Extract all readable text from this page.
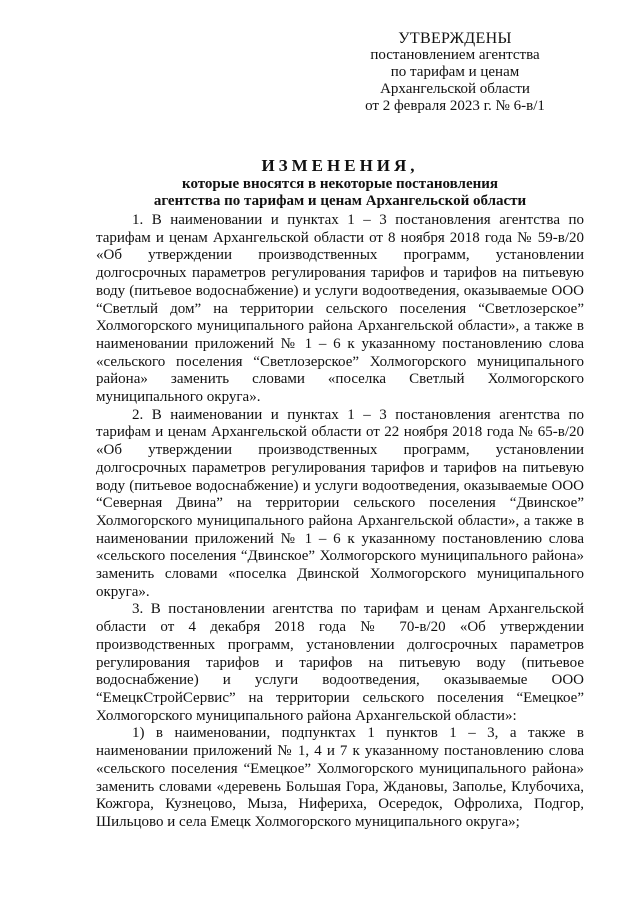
УТВЕРЖДЕНЫ
постановлением агентства
по тарифам и ценам
Архангельской области
от 2 февраля 2023 г. № 6-в/1
ИЗМЕНЕНИЯ,
которые вносятся в некоторые постановления
агентства по тарифам и ценам Архангельской области

1. В наименовании и пунктах 1 – 3 постановления агентства по тарифам и ценам Архангельской области от 8 ноября 2018 года № 59-в/20 «Об утверждении производственных программ, установлении долгосрочных параметров регулирования тарифов и тарифов на питьевую воду (питьевое водоснабжение) и услуги водоотведения, оказываемые ООО “Светлый дом” на территории сельского поселения “Светлозерское” Холмогорского муниципального района Архангельской области», а также в наименовании приложений № 1 – 6 к указанному постановлению слова «сельского поселения “Светлозерское” Холмогорского муниципального района» заменить словами «поселка Светлый Холмогорского муниципального округа».

2. В наименовании и пунктах 1 – 3 постановления агентства по тарифам и ценам Архангельской области от 22 ноября 2018 года № 65-в/20 «Об утверждении производственных программ, установлении долгосрочных параметров регулирования тарифов и тарифов на питьевую воду (питьевое водоснабжение) и услуги водоотведения, оказываемые ООО “Северная Двина” на территории сельского поселения “Двинское” Холмогорского муниципального района Архангельской области», а также в наименовании приложений № 1 – 6 к указанному постановлению слова «сельского поселения “Двинское” Холмогорского муниципального района» заменить словами «поселка Двинской Холмогорского муниципального округа».

3. В постановлении агентства по тарифам и ценам Архангельской области от 4 декабря 2018 года № 70-в/20 «Об утверждении производственных программ, установлении долгосрочных параметров регулирования тарифов и тарифов на питьевую воду (питьевое водоснабжение) и услуги водоотведения, оказываемые ООО “ЕмецкСтройСервис” на территории сельского поселения “Емецкое” Холмогорского муниципального района Архангельской области»:

1) в наименовании, подпунктах 1 пунктов 1 – 3, а также в наименовании приложений № 1, 4 и 7 к указанному постановлению слова «сельского поселения “Емецкое” Холмогорского муниципального района» заменить словами «деревень Большая Гора, Ждановы, Заполье, Клубочиха, Кожгора, Кузнецово, Мыза, Нифериха, Осередок, Офролиха, Подгор, Шильцово и села Емецк Холмогорского муниципального округа»;
